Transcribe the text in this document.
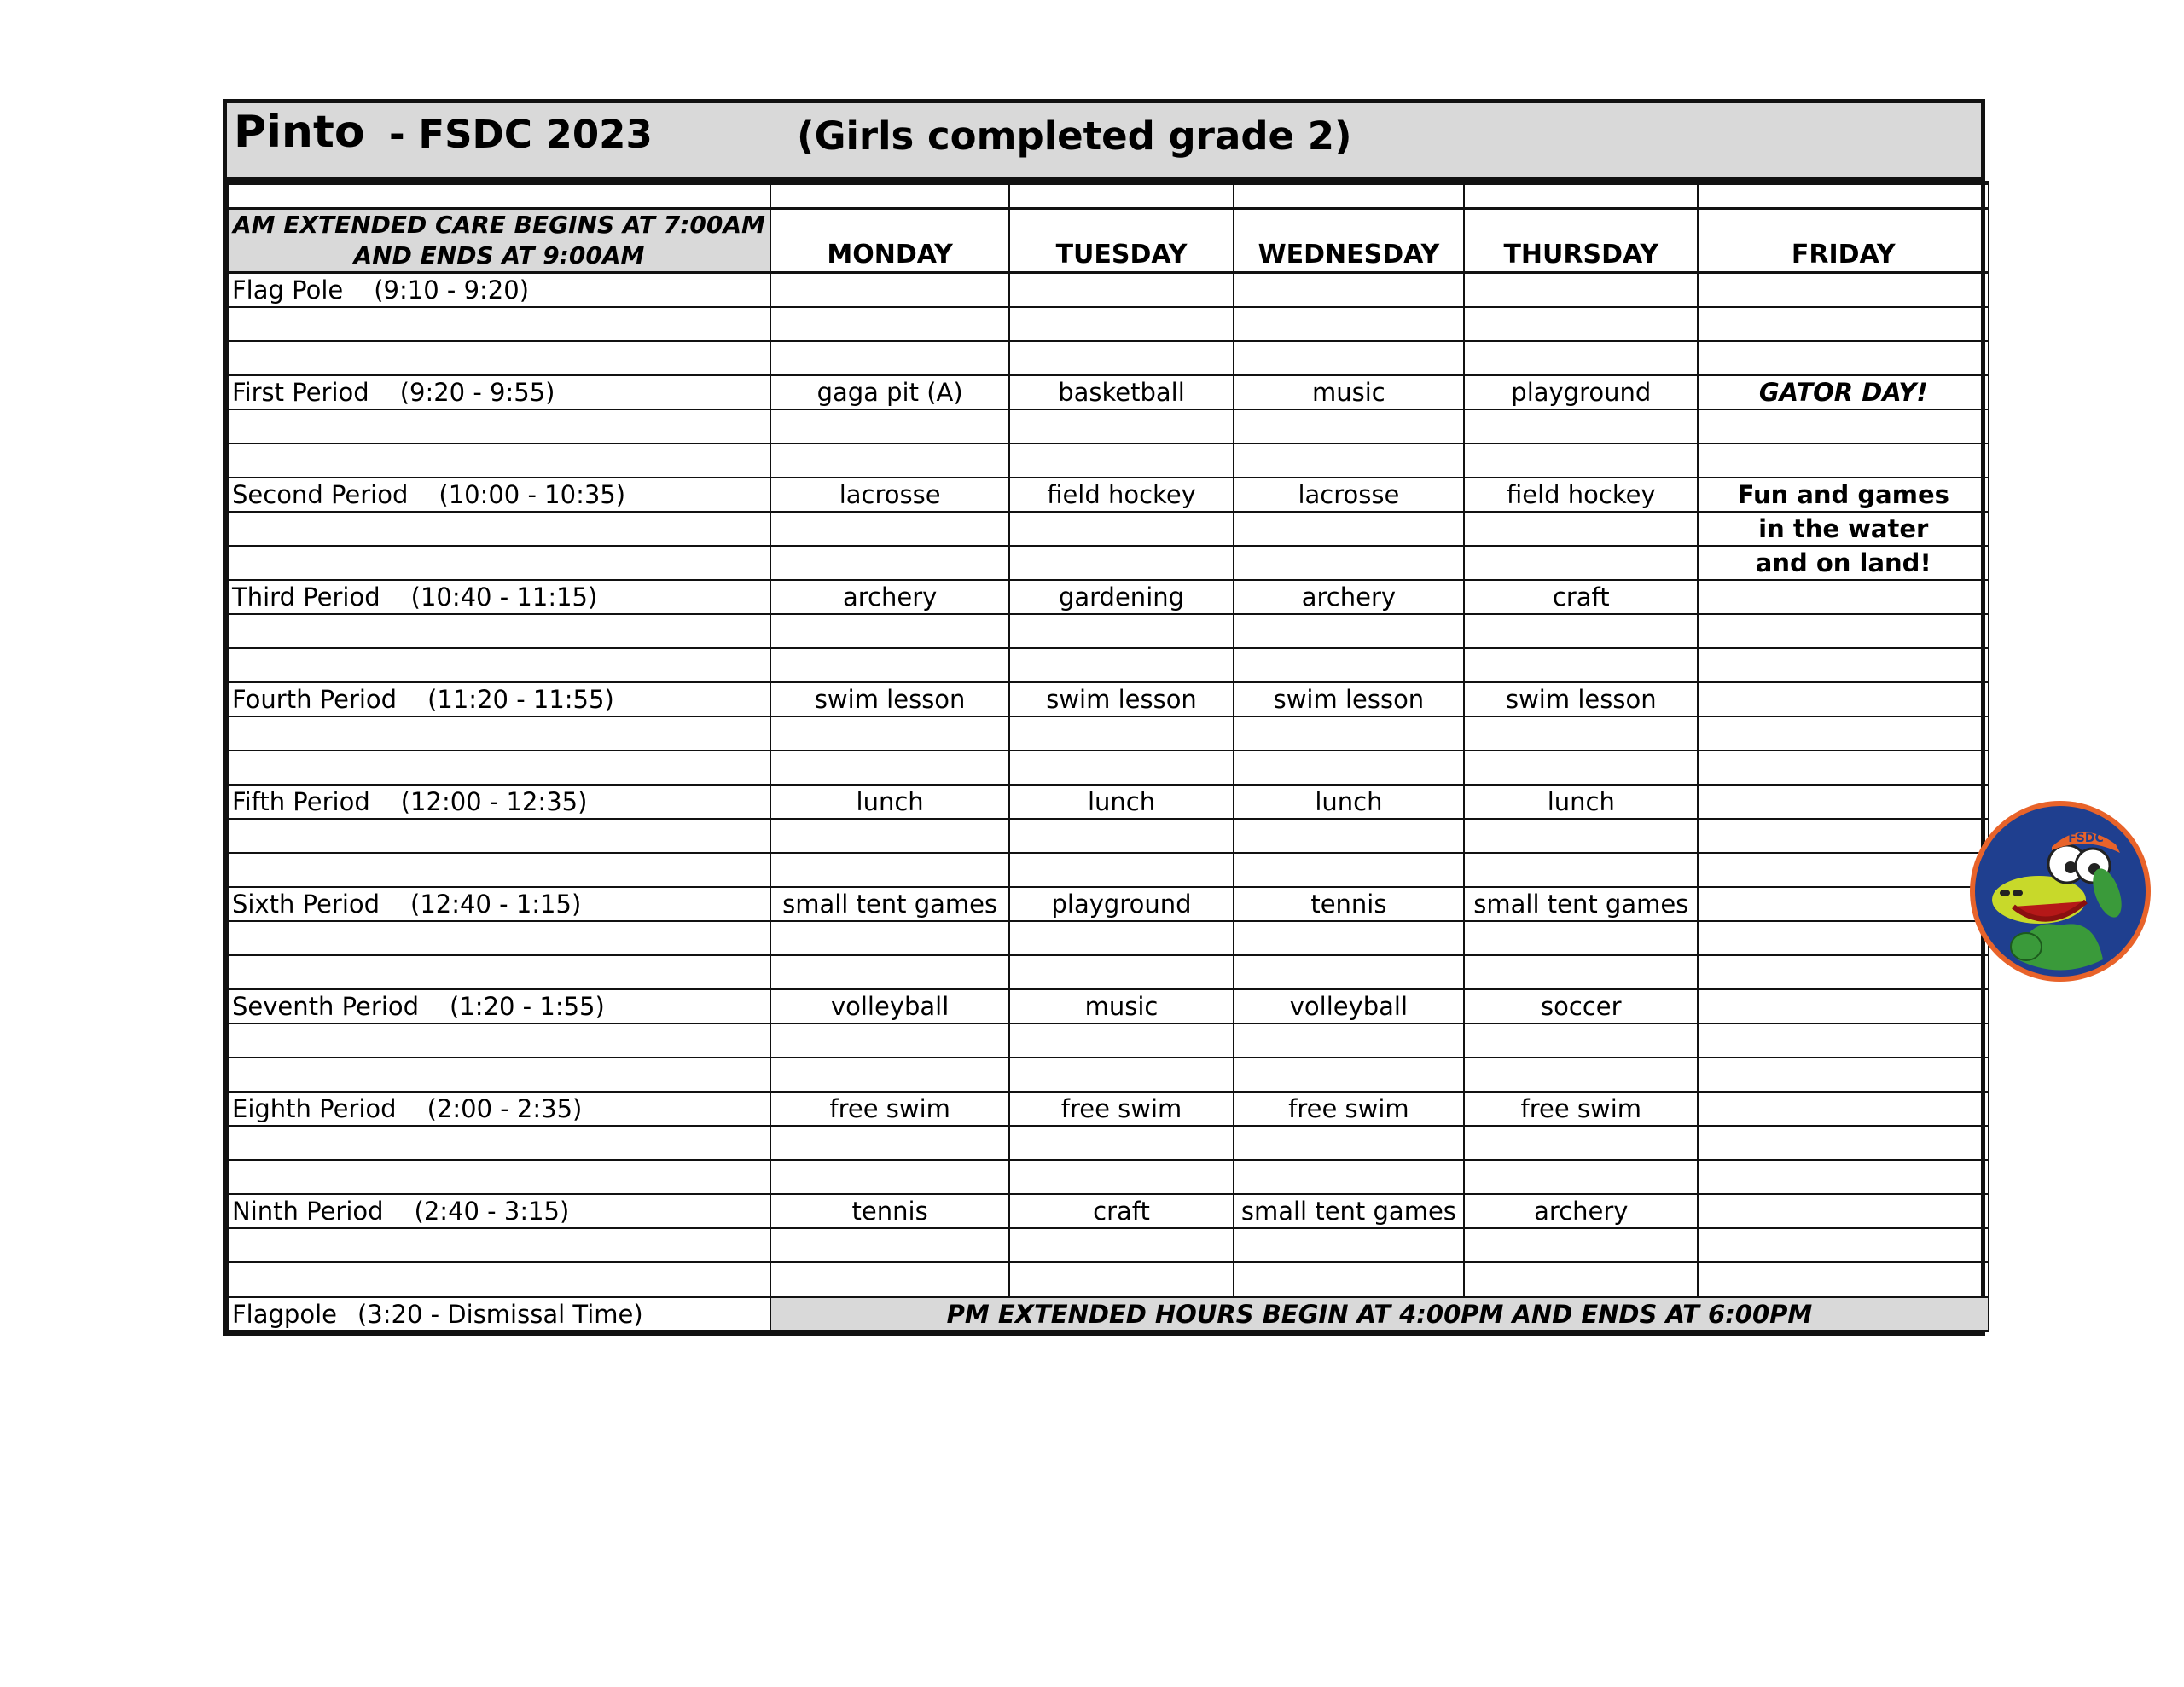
Pinto - FSDC 2023	(Girls completed grade 2)

AM EXTENDED CARE BEGINS AT 7:00AM AND ENDS AT 9:00AM	MONDAY	TUESDAY	WEDNESDAY	THURSDAY	FRIDAY
Flag Pole (9:10 - 9:20)					

First Period (9:20 - 9:55)	gaga pit (A)	basketball	music	playground	GATOR DAY!

Second Period (10:00 - 10:35)	lacrosse	field hockey	lacrosse	field hockey	Fun and games
					in the water
					and on land!
Third Period (10:40 - 11:15)	archery	gardening	archery	craft	

Fourth Period (11:20 - 11:55)	swim lesson	swim lesson	swim lesson	swim lesson	

Fifth Period (12:00 - 12:35)	lunch	lunch	lunch	lunch	

Sixth Period (12:40 - 1:15)	small tent games	playground	tennis	small tent games	

Seventh Period (1:20 - 1:55)	volleyball	music	volleyball	soccer	

Eighth Period (2:00 - 2:35)	free swim	free swim	free swim	free swim	

Ninth Period (2:40 - 3:15)	tennis	craft	small tent games	archery	

Flagpole (3:20 - Dismissal Time)	PM EXTENDED HOURS BEGIN AT 4:00PM AND ENDS AT 6:00PM				
FSDC
